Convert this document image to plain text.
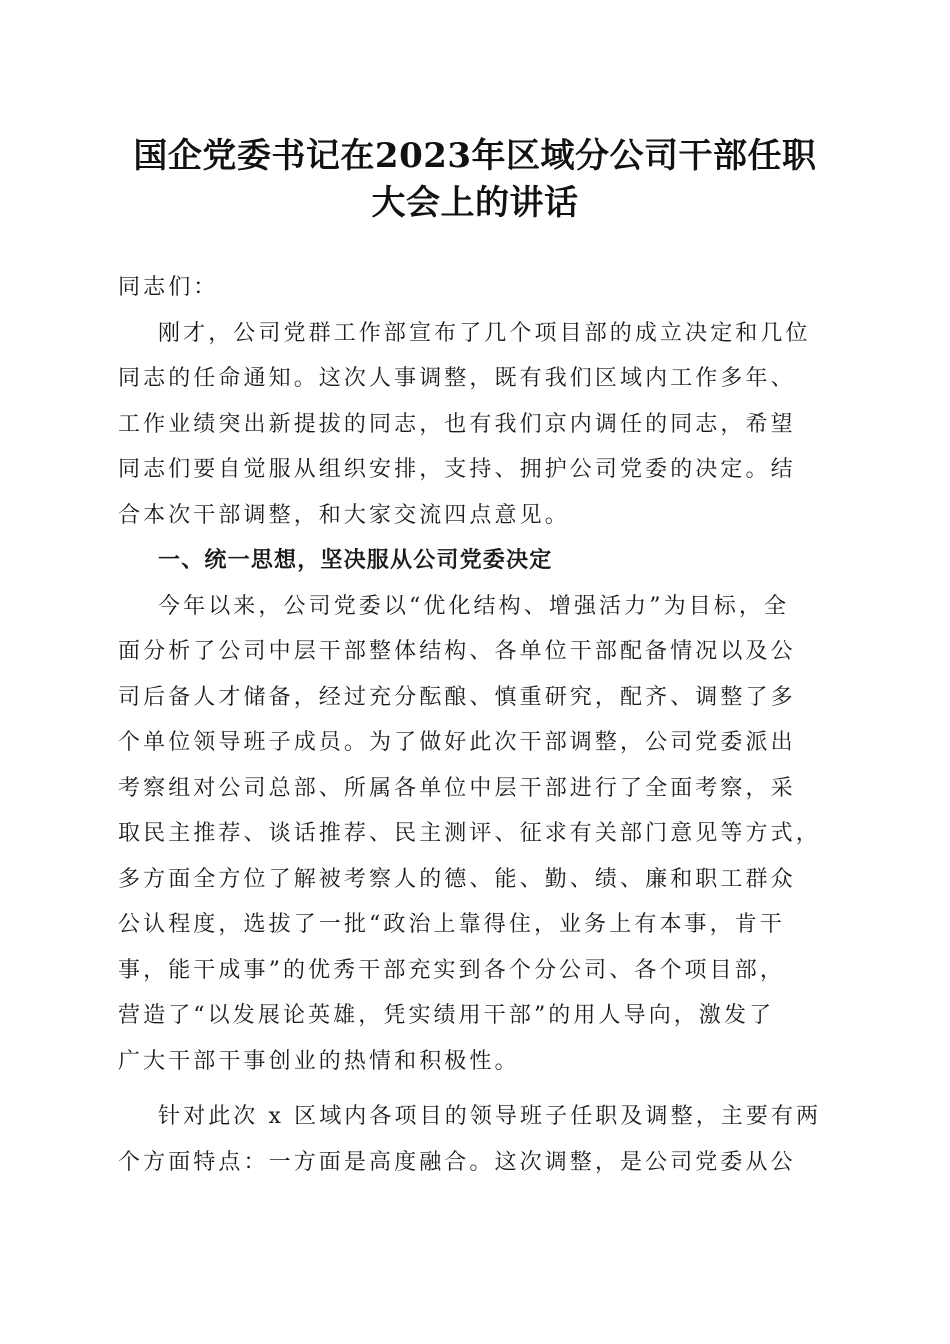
国企党委书记在2023年区域分公司干部任职
大会上的讲话
同志们：
刚才，公司党群工作部宣布了几个项目部的成立决定和几位
同志的任命通知。这次人事调整，既有我们区域内工作多年、
工作业绩突出新提拔的同志，也有我们京内调任的同志，希望
同志们要自觉服从组织安排，支持、拥护公司党委的决定。结
合本次干部调整，和大家交流四点意见。
一、统一思想，坚决服从公司党委决定
今年以来，公司党委以“优化结构、增强活力”为目标，全
面分析了公司中层干部整体结构、各单位干部配备情况以及公
司后备人才储备，经过充分酝酿、慎重研究，配齐、调整了多
个单位领导班子成员。为了做好此次干部调整，公司党委派出
考察组对公司总部、所属各单位中层干部进行了全面考察，采
取民主推荐、谈话推荐、民主测评、征求有关部门意见等方式，
多方面全方位了解被考察人的德、能、勤、绩、廉和职工群众
公认程度，选拔了一批“政治上靠得住，业务上有本事，肯干
事，能干成事”的优秀干部充实到各个分公司、各个项目部，
营造了“以发展论英雄，凭实绩用干部”的用人导向，激发了
广大干部干事创业的热情和积极性。
针对此次 x 区域内各项目的领导班子任职及调整，主要有两
个方面特点：一方面是高度融合。这次调整，是公司党委从公
